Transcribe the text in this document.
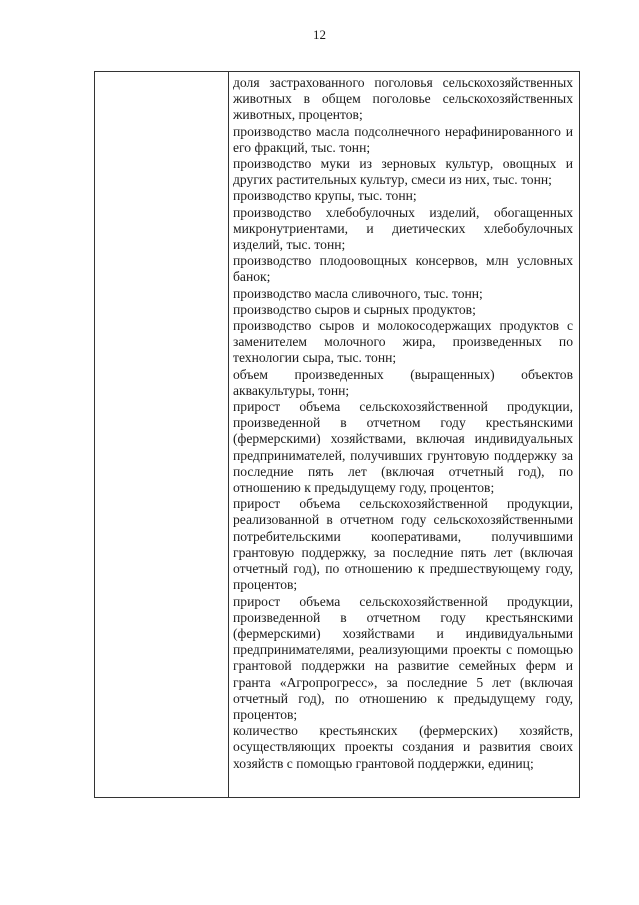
12

доля застрахованного поголовья сельскохозяйственных животных в общем поголовье сельскохозяйственных животных, процентов;

производство масла подсолнечного нерафинированного и его фракций, тыс. тонн;

производство муки из зерновых культур, овощных и других растительных культур, смеси из них, тыс. тонн;

производство крупы, тыс. тонн;

производство хлебобулочных изделий, обогащенных микронутриентами, и диетических хлебобулочных изделий, тыс. тонн;

производство плодоовощных консервов, млн условных банок;

производство масла сливочного, тыс. тонн;

производство сыров и сырных продуктов;

производство сыров и молокосодержащих продуктов с заменителем молочного жира, произведенных по технологии сыра, тыс. тонн;

объем произведенных (выращенных) объектов аквакультуры, тонн;

прирост объема сельскохозяйственной продукции, произведенной в отчетном году крестьянскими (фермерскими) хозяйствами, включая индивидуальных предпринимателей, получивших грунтовую поддержку за последние пять лет (включая отчетный год), по отношению к предыдущему году, процентов;

прирост объема сельскохозяйственной продукции, реализованной в отчетном году сельскохозяйственными потребительскими кооперативами, получившими грантовую поддержку, за последние пять лет (включая отчетный год), по отношению к предшествующему году, процентов;

прирост объема сельскохозяйственной продукции, произведенной в отчетном году крестьянскими (фермерскими) хозяйствами и индивидуальными предпринимателями, реализующими проекты с помощью грантовой поддержки на развитие семейных ферм и гранта «Агропрогресс», за последние 5 лет (включая отчетный год), по отношению к предыдущему году, процентов;

количество крестьянских (фермерских) хозяйств, осуществляющих проекты создания и развития своих хозяйств с помощью грантовой поддержки, единиц;
